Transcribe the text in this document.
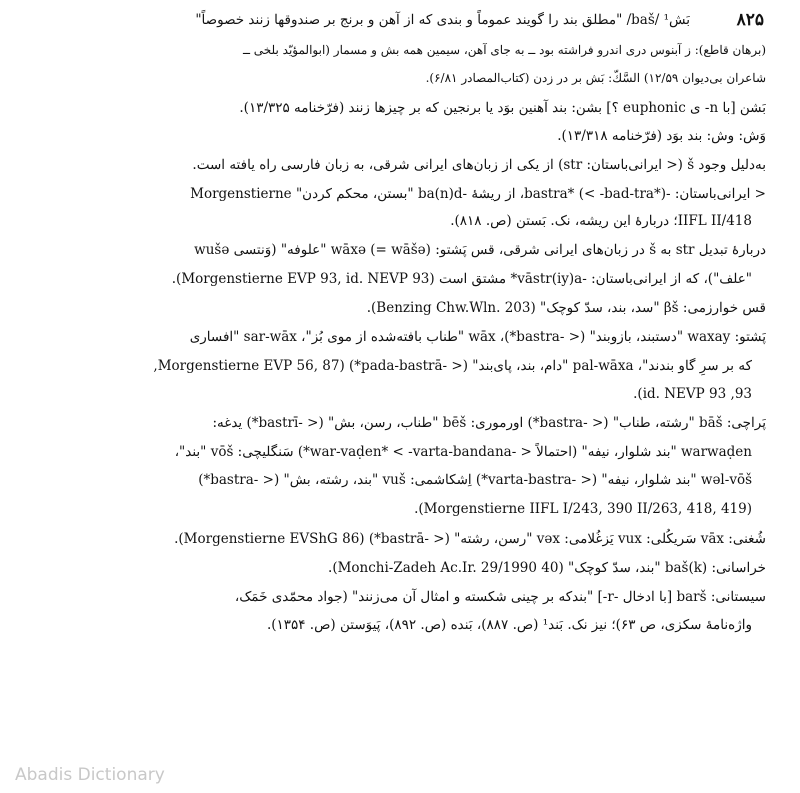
۸۲۵
بَش¹ /baš/ "مطلق بند را گویند عموماً و بندی که از آهن و برنج بر صندوقها زنند خصوصاً"
(برهان قاطع): ز آبنوس دری اندرو فراشته بود ــ به جای آهن، سیمین همه بش و مسمار (ابوالمؤیّد بلخی ــ
شاعران بی‌دیوان ۱۲/۵۹) السَّكّ: بَش بر در زدن (کتاب‌المصادر ۶/۸۱).
بَشن [با n- ی euphonic ؟] بشن: بند آهنین بوَد یا برنجین که بر چیزها زنند (فرّخنامه ۱۳/۳۲۵).
وَش: وش: بند بوَد (فرّخنامه ۱۳/۳۱۸).
به‌دلیل وجود š (< ایرانی‌باستان: str) از یکی از زبان‌های ایرانی شرقی، به زبان فارسی راه یافته است.
< ایرانی‌باستان: -bastra* (< -bad-tra*)، از ریشهٔ -ba(n)d "بستن، محکم کردن" Morgenstierne
IIFL II/418؛ دربارهٔ این ریشه، نک. بَستن (ص. ۸۱۸).
دربارهٔ تبدیل str به š در زبان‌های ایرانی شرقی، قس پَشتو: wāxə (= wāšə) "علوفه" (وَنتسی wušə
"علف")، که از ایرانی‌باستان: -vāstr(iy)a* مشتق است (Morgenstierne EVP 93, id. NEVP 93).
قس خوارزمی: βš "سد، بند، سدّ کوچک" (Benzing Chw.Wln. 203).
پَشتو: waxay "دستبند، بازوبند" (< -bastra*)، wāx "طناب بافته‌شده از موی بُز"، sar-wāx "افساری
که بر سرِ گاو بندند"، pal-wāxa "دام، بند، پای‌بند" (< -pada-bastrā*) (Morgenstierne EVP 56, 87,
93, id. NEVP 93).
پَراچی: bāš "رشته، طناب" (< -bastra*) اورموری: bēš "طناب، رسن، بش" (< -bastrī*) یدغه:
warwaḍen "بند شلوار، نیفه" (احتمالاً < -war-vaḍen* < -varta-bandana*) سَنگلیچی: vōš "بند"،
wəl-vōš "بند شلوار، نیفه" (< -varta-bastra*) اِشکاشمی: vuš "بند، رشته، بش" (< -bastra*)
(Morgenstierne IIFL I/243, 390 II/263, 418, 419).
شُغنی: vāx سَریکُلی: vux یَزغُلامی: vəx "رسن، رشته" (< -bastrā*) (Morgenstierne EVShG 86).
خراسانی: baš(k) "بند، سدّ کوچک" (Monchi-Zadeh Ac.Ir. 29/1990 40).
سیستانی: barš [با ادخال -r-] "بندکه بر چینی شکسته و امثال آن می‌زنند" (جواد محمّدی خَمَک،
واژه‌نامهٔ سکزی، ص ۶۳)؛ نیز نک. بَند¹ (ص. ۸۸۷)، بَنده (ص. ۸۹۲)، پَیوَستن (ص. ۱۳۵۴).
Abadis Dictionary
